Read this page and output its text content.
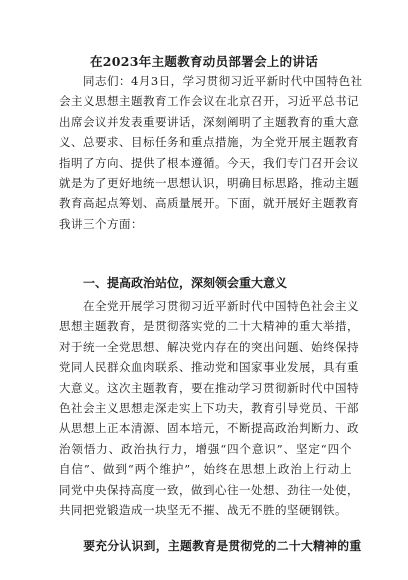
在2023年主题教育动员部署会上的讲话
　　同志们：4月3日，学习贯彻习近平新时代中国特色社
会主义思想主题教育工作会议在北京召开，习近平总书记
出席会议并发表重要讲话，深刻阐明了主题教育的重大意
义、总要求、目标任务和重点措施，为全党开展主题教育
指明了方向、提供了根本遵循。今天，我们专门召开会议
就是为了更好地统一思想认识，明确目标思路，推动主题
教育高起点筹划、高质量展开。下面，就开展好主题教育
我讲三个方面：
　　一、提高政治站位，深刻领会重大意义
　　在全党开展学习贯彻习近平新时代中国特色社会主义
思想主题教育，是贯彻落实党的二十大精神的重大举措，
对于统一全党思想、解决党内存在的突出问题、始终保持
党同人民群众血肉联系、推动党和国家事业发展，具有重
大意义。这次主题教育，要在推动学习贯彻新时代中国特
色社会主义思想走深走实上下功夫，教育引导党员、干部
从思想上正本清源、固本培元，不断提高政治判断力、政
治领悟力、政治执行力，增强“四个意识”、坚定“四个
自信”、做到“两个维护”，始终在思想上政治上行动上
同党中央保持高度一致，做到心往一处想、劲往一处使，
共同把党锻造成一块坚无不摧、战无不胜的坚硬钢铁。
　　要充分认识到，主题教育是贯彻党的二十大精神的重
